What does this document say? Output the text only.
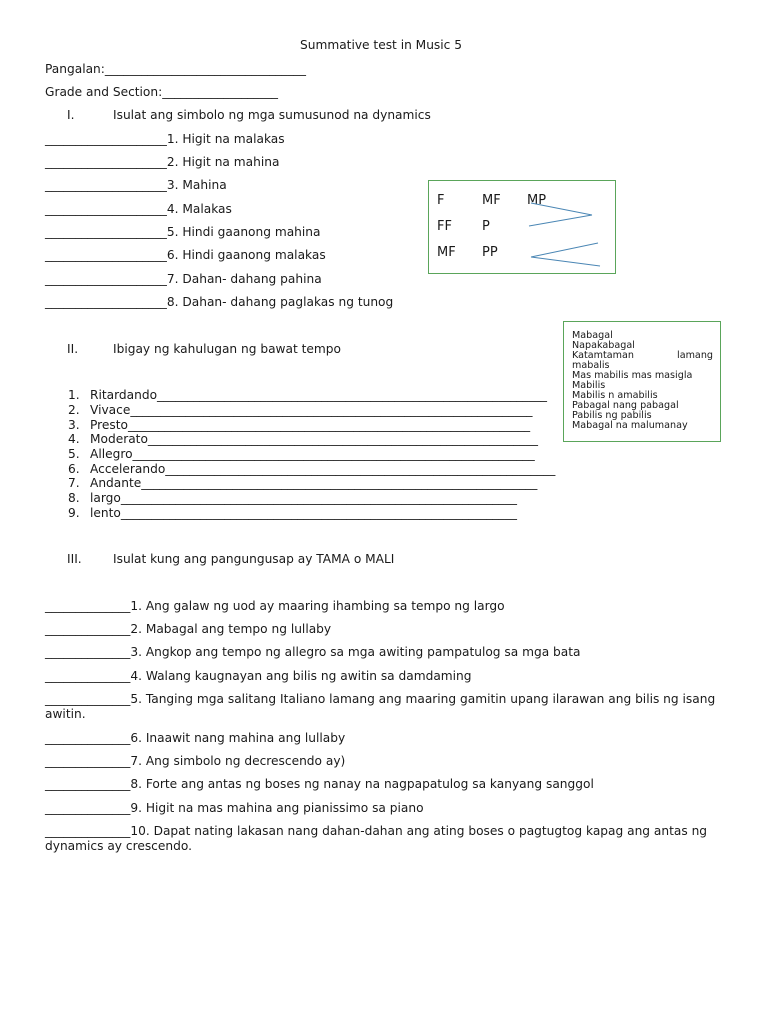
Summative test in Music 5
Pangalan:_________________________________
Grade and Section:___________________
I.	Isulat ang simbolo ng mga sumusunod na dynamics
____________________1. Higit na malakas
____________________2. Higit na mahina
____________________3. Mahina
____________________4. Malakas
____________________5. Hindi gaanong mahina
____________________6. Hindi gaanong malakas
____________________7. Dahan- dahang pahina
____________________8. Dahan- dahang paglakas ng tunog
F	MF MP
FF P
MF PP
II.	Ibigay ng kahulugan ng bawat tempo
1. Ritardando________________________________________________________________
2. Vivace__________________________________________________________________
3. Presto__________________________________________________________________
4. Moderato________________________________________________________________
5. Allegro__________________________________________________________________
6. Accelerando________________________________________________________________
7. Andante_________________________________________________________________
8. largo_________________________________________________________________
9. lento_________________________________________________________________
Mabagal
Napakabagal
Katamtaman	lamang
mabalis
Mas mabilis mas masigla
Mabilis
Mabilis n amabilis
Pabagal nang pabagal
Pabilis ng pabilis
Mabagal na malumanay
III.	Isulat kung ang pangungusap ay TAMA o MALI
______________1. Ang galaw ng uod ay maaring ihambing sa tempo ng largo
______________2. Mabagal ang tempo ng lullaby
______________3. Angkop ang tempo ng allegro sa mga awiting pampatulog sa mga bata
______________4. Walang kaugnayan ang bilis ng awitin sa damdaming
______________5. Tanging mga salitang Italiano lamang ang maaring gamitin upang ilarawan ang bilis ng isang awitin.
______________6. Inaawit nang mahina ang lullaby
______________7. Ang simbolo ng decrescendo ay)
______________8. Forte ang antas ng boses ng nanay na nagpapatulog sa kanyang sanggol
______________9. Higit na mas mahina ang pianissimo sa piano
______________10. Dapat nating lakasan nang dahan-dahan ang ating boses o pagtugtog kapag ang antas ng dynamics ay crescendo.
